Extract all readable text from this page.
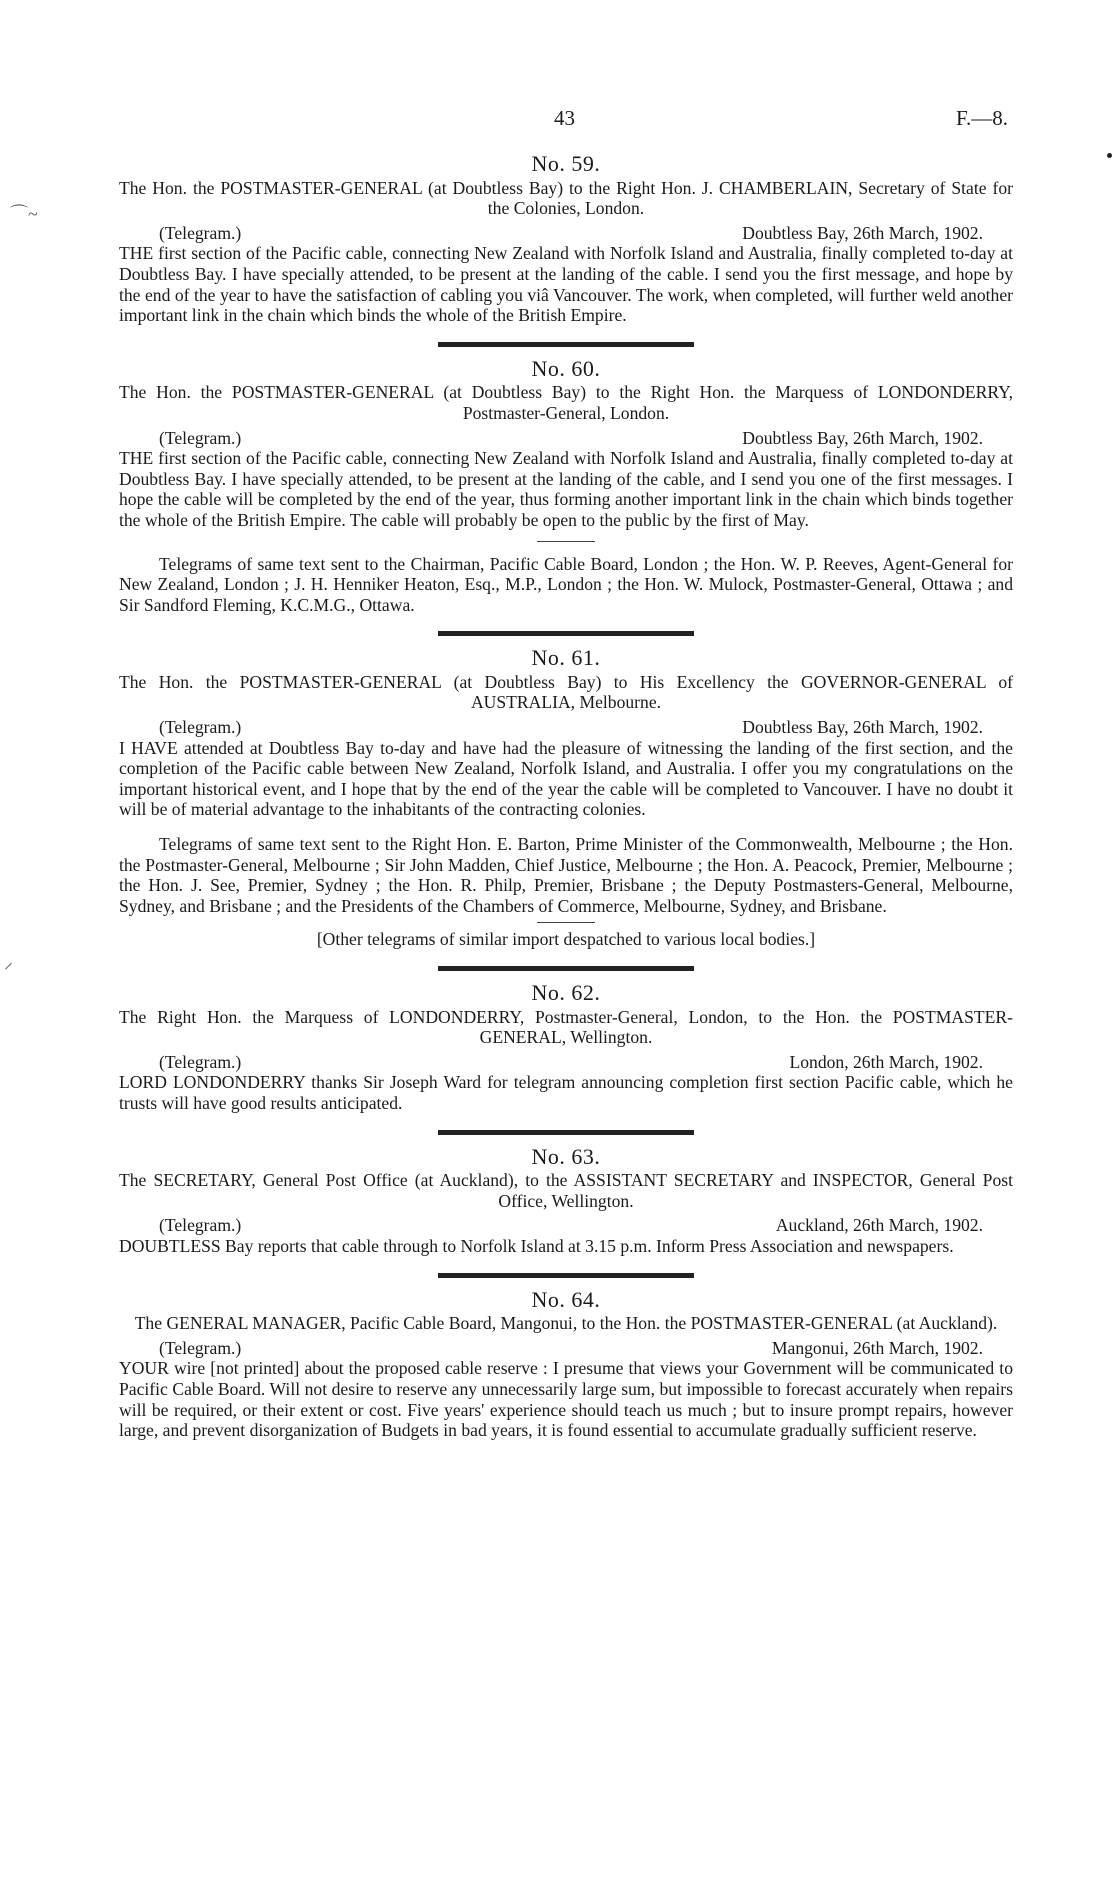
43	F.—8.
⌒~
⸝
No. 59.

The Hon. the POSTMASTER-GENERAL (at Doubtless Bay) to the Right Hon. J. CHAMBERLAIN, Secretary of State for the Colonies, London.

(Telegram.)	Doubtless Bay, 26th March, 1902.

THE first section of the Pacific cable, connecting New Zealand with Norfolk Island and Australia, finally completed to-day at Doubtless Bay. I have specially attended, to be present at the landing of the cable. I send you the first message, and hope by the end of the year to have the satisfaction of cabling you viâ Vancouver. The work, when completed, will further weld another important link in the chain which binds the whole of the British Empire.

No. 60.

The Hon. the POSTMASTER-GENERAL (at Doubtless Bay) to the Right Hon. the Marquess of LONDONDERRY, Postmaster-General, London.

(Telegram.)	Doubtless Bay, 26th March, 1902.

THE first section of the Pacific cable, connecting New Zealand with Norfolk Island and Australia, finally completed to-day at Doubtless Bay. I have specially attended, to be present at the landing of the cable, and I send you one of the first messages. I hope the cable will be completed by the end of the year, thus forming another important link in the chain which binds together the whole of the British Empire. The cable will probably be open to the public by the first of May.

Telegrams of same text sent to the Chairman, Pacific Cable Board, London ; the Hon. W. P. Reeves, Agent-General for New Zealand, London ; J. H. Henniker Heaton, Esq., M.P., London ; the Hon. W. Mulock, Postmaster-General, Ottawa ; and Sir Sandford Fleming, K.C.M.G., Ottawa.

No. 61.

The Hon. the POSTMASTER-GENERAL (at Doubtless Bay) to His Excellency the GOVERNOR-GENERAL of AUSTRALIA, Melbourne.

(Telegram.)	Doubtless Bay, 26th March, 1902.

I HAVE attended at Doubtless Bay to-day and have had the pleasure of witnessing the landing of the first section, and the completion of the Pacific cable between New Zealand, Norfolk Island, and Australia. I offer you my congratulations on the important historical event, and I hope that by the end of the year the cable will be completed to Vancouver. I have no doubt it will be of material advantage to the inhabitants of the contracting colonies.

Telegrams of same text sent to the Right Hon. E. Barton, Prime Minister of the Commonwealth, Melbourne ; the Hon. the Postmaster-General, Melbourne ; Sir John Madden, Chief Justice, Melbourne ; the Hon. A. Peacock, Premier, Melbourne ; the Hon. J. See, Premier, Sydney ; the Hon. R. Philp, Premier, Brisbane ; the Deputy Postmasters-General, Melbourne, Sydney, and Brisbane ; and the Presidents of the Chambers of Commerce, Melbourne, Sydney, and Brisbane.

[Other telegrams of similar import despatched to various local bodies.]

No. 62.

The Right Hon. the Marquess of LONDONDERRY, Postmaster-General, London, to the Hon. the POSTMASTER-GENERAL, Wellington.

(Telegram.)	London, 26th March, 1902.

LORD LONDONDERRY thanks Sir Joseph Ward for telegram announcing completion first section Pacific cable, which he trusts will have good results anticipated.

No. 63.

The SECRETARY, General Post Office (at Auckland), to the ASSISTANT SECRETARY and INSPECTOR, General Post Office, Wellington.

(Telegram.)	Auckland, 26th March, 1902.

DOUBTLESS Bay reports that cable through to Norfolk Island at 3.15 p.m. Inform Press Association and newspapers.

No. 64.

The GENERAL MANAGER, Pacific Cable Board, Mangonui, to the Hon. the POSTMASTER-GENERAL (at Auckland).

(Telegram.)	Mangonui, 26th March, 1902.

YOUR wire [not printed] about the proposed cable reserve : I presume that views your Government will be communicated to Pacific Cable Board. Will not desire to reserve any unnecessarily large sum, but impossible to forecast accurately when repairs will be required, or their extent or cost. Five years' experience should teach us much ; but to insure prompt repairs, however large, and prevent disorganization of Budgets in bad years, it is found essential to accumulate gradually sufficient reserve.
